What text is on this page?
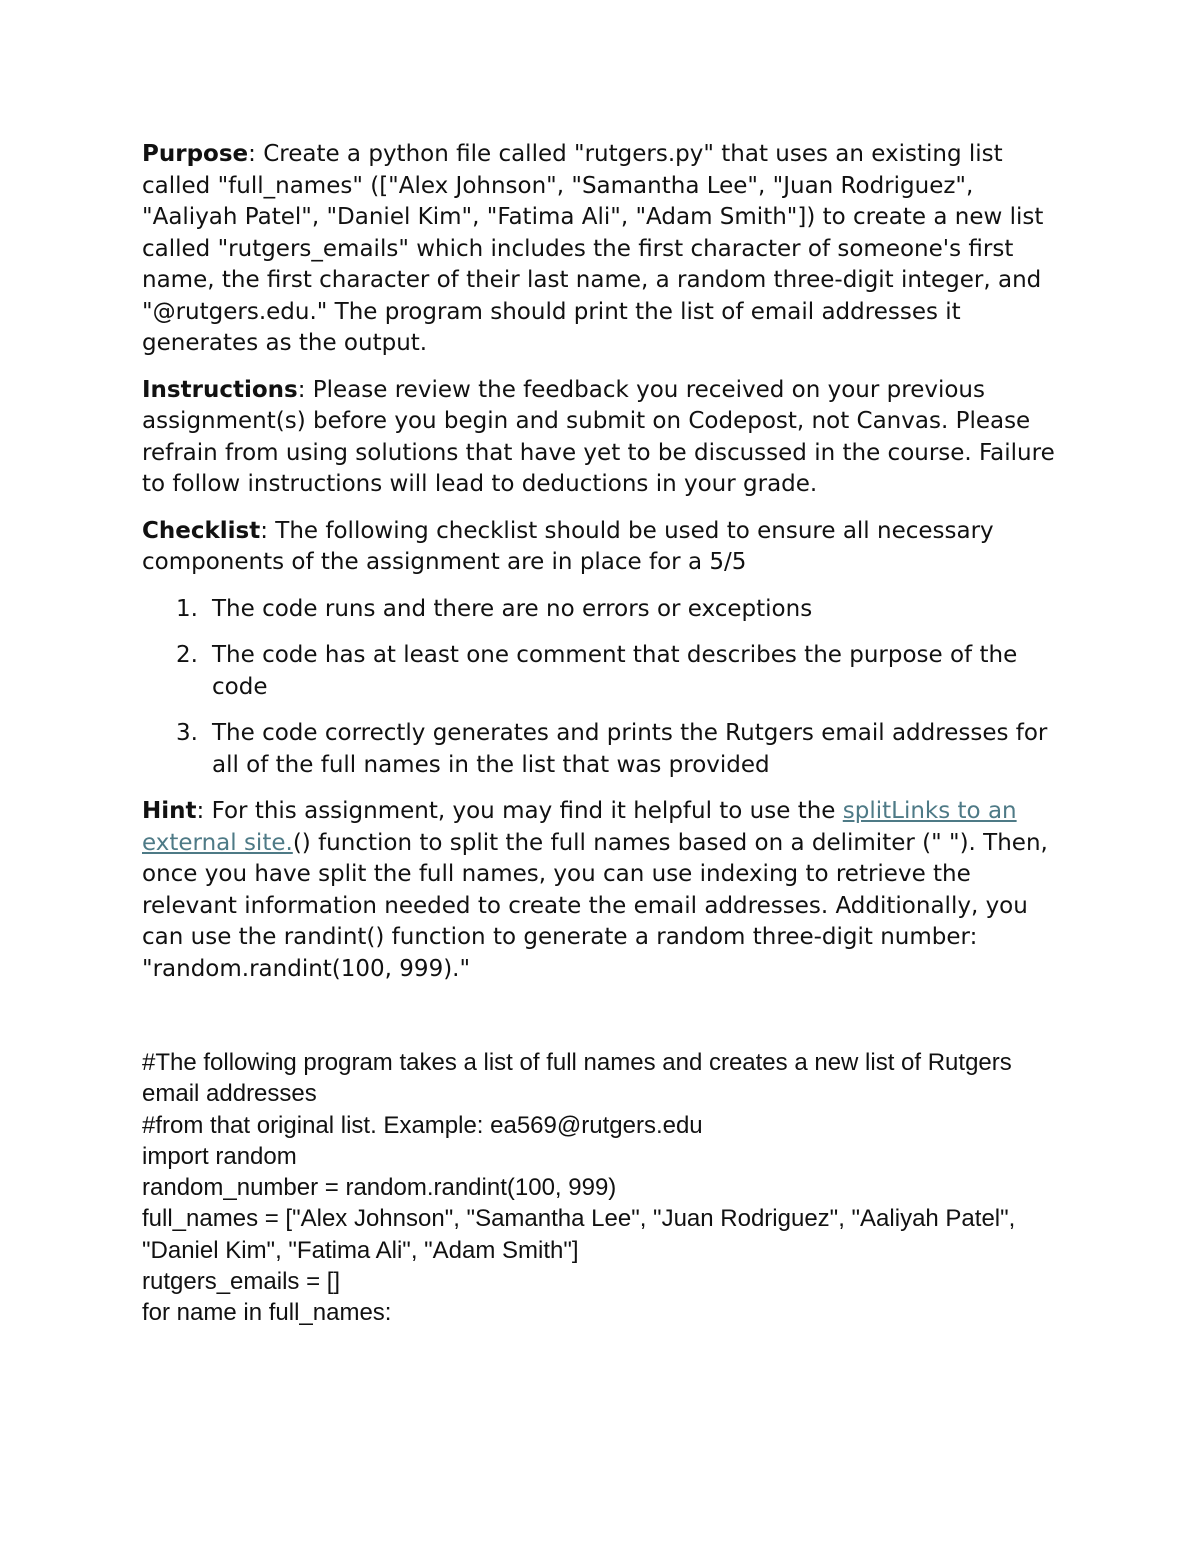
Purpose: Create a python file called "rutgers.py" that uses an existing list called "full_names" (["Alex Johnson", "Samantha Lee", "Juan Rodriguez", "Aaliyah Patel", "Daniel Kim", "Fatima Ali", "Adam Smith"]) to create a new list called "rutgers_emails" which includes the first character of someone's first name, the first character of their last name, a random three-digit integer, and "@rutgers.edu." The program should print the list of email addresses it generates as the output.

Instructions: Please review the feedback you received on your previous assignment(s) before you begin and submit on Codepost, not Canvas. Please refrain from using solutions that have yet to be discussed in the course. Failure to follow instructions will lead to deductions in your grade.

Checklist: The following checklist should be used to ensure all necessary components of the assignment are in place for a 5/5

1. The code runs and there are no errors or exceptions
2. The code has at least one comment that describes the purpose of the code
3. The code correctly generates and prints the Rutgers email addresses for all of the full names in the list that was provided

Hint: For this assignment, you may find it helpful to use the splitLinks to an external site.() function to split the full names based on a delimiter (" "). Then, once you have split the full names, you can use indexing to retrieve the relevant information needed to create the email addresses. Additionally, you can use the randint() function to generate a random three-digit number: "random.randint(100, 999)."

#The following program takes a list of full names and creates a new list of Rutgers
email addresses
#from that original list. Example: ea569@rutgers.edu
import random
random_number = random.randint(100, 999)
full_names = ["Alex Johnson", "Samantha Lee", "Juan Rodriguez", "Aaliyah Patel",
"Daniel Kim", "Fatima Ali", "Adam Smith"]
rutgers_emails = []
for name in full_names:
